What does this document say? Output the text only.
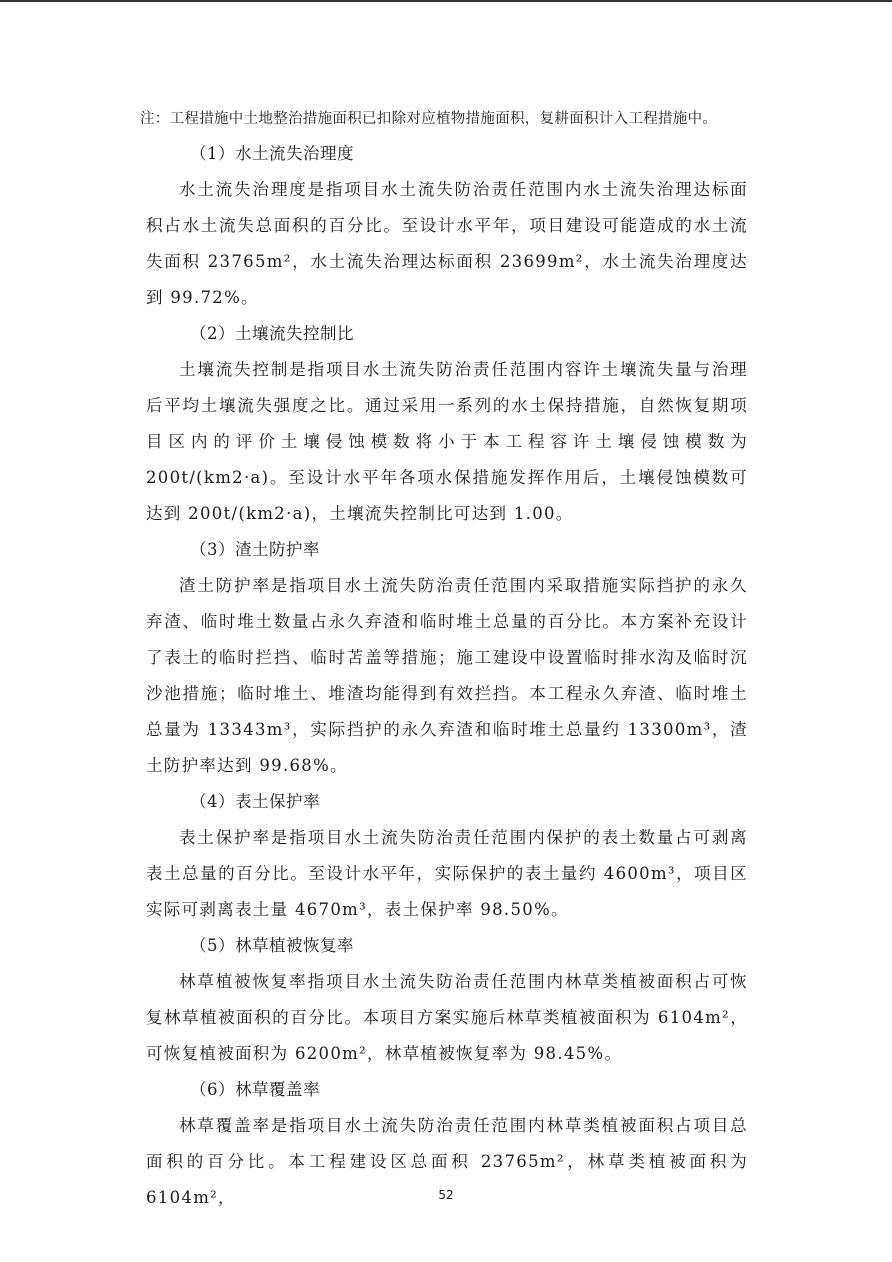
注：工程措施中土地整治措施面积已扣除对应植物措施面积，复耕面积计入工程措施中。

（1）水土流失治理度

水土流失治理度是指项目水土流失防治责任范围内水土流失治理达标面积占水土流失总面积的百分比。至设计水平年，项目建设可能造成的水土流失面积 23765m²，水土流失治理达标面积 23699m²，水土流失治理度达到 99.72%。

（2）土壤流失控制比

土壤流失控制是指项目水土流失防治责任范围内容许土壤流失量与治理后平均土壤流失强度之比。通过采用一系列的水土保持措施，自然恢复期项目区内的评价土壤侵蚀模数将小于本工程容许土壤侵蚀模数为 200t/(km2·a)。至设计水平年各项水保措施发挥作用后，土壤侵蚀模数可达到 200t/(km2·a)，土壤流失控制比可达到 1.00。

（3）渣土防护率

渣土防护率是指项目水土流失防治责任范围内采取措施实际挡护的永久弃渣、临时堆土数量占永久弃渣和临时堆土总量的百分比。本方案补充设计了表土的临时拦挡、临时苫盖等措施；施工建设中设置临时排水沟及临时沉沙池措施；临时堆土、堆渣均能得到有效拦挡。本工程永久弃渣、临时堆土总量为 13343m³，实际挡护的永久弃渣和临时堆土总量约 13300m³，渣土防护率达到 99.68%。

（4）表土保护率

表土保护率是指项目水土流失防治责任范围内保护的表土数量占可剥离表土总量的百分比。至设计水平年，实际保护的表土量约 4600m³，项目区实际可剥离表土量 4670m³，表土保护率 98.50%。

（5）林草植被恢复率

林草植被恢复率指项目水土流失防治责任范围内林草类植被面积占可恢复林草植被面积的百分比。本项目方案实施后林草类植被面积为 6104m²，可恢复植被面积为 6200m²，林草植被恢复率为 98.45%。

（6）林草覆盖率

林草覆盖率是指项目水土流失防治责任范围内林草类植被面积占项目总面积的百分比。本工程建设区总面积 23765m²，林草类植被面积为 6104m²，	52
